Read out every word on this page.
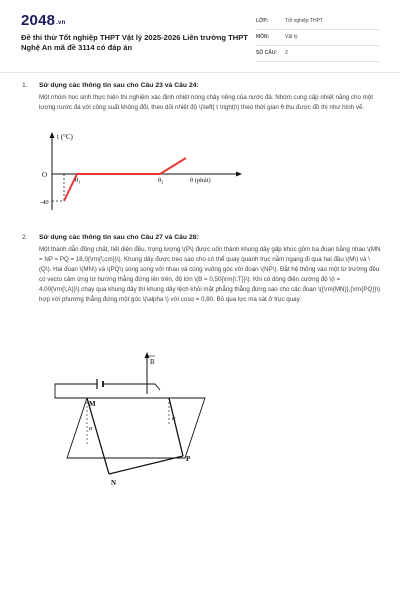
$2048_{.vn}$
Đề thi thử Tốt nghiệp THPT Vật lý 2025-2026 Liên trường THPT Nghệ An mã đề 3114 có đáp án
LỚP:	Tốt nghiệp THPT
MÔN:	Vật lý
SỐ CÂU: 2
1. Sử dụng các thông tin sau cho Câu 23 và Câu 24:
Một nhóm học sinh thực hiện thí nghiệm xác định nhiệt nóng chảy riêng của nước đá. Nhóm cung cấp nhiệt năng cho một lượng nước đá với công suất không đổi, theo dõi nhiệt độ \(\left( t \right)\) theo thời gian θ thu được đồ thị như hình vẽ.
t (°C)
O
-40
$\theta_1$	$\theta_2$	θ (phút)
2. Sử dụng các thông tin sau cho Câu 27 và Câu 28:
Một thanh dẫn đồng chất, tiết diện đều, trọng lượng \(P\) được uốn thành khung dây gấp khúc gồm ba đoạn bằng nhau \(MN = NP = PQ = 16,0{\rm{\;cm}}\). Khung dây được treo sao cho có thể quay quanh trục nằm ngang đi qua hai đầu \(M\) và \(Q\). Hai đoạn \(MN\) và \(PQ\) song song với nhau và cùng vuông góc với đoạn \(NP\). Đặt hệ thống vào một từ trường đều có vecto cảm ứng từ hướng thẳng đứng lên trên, độ lớn \(B = 0,50{\rm{\;T}}\). Khi có dòng điện cường độ \(I = 4,00{\rm{\;A}}\) chạy qua khung dây thì khung dây lệch khỏi mặt phẳng thẳng đứng sao cho các đoạn \({\rm{MN}},{\rm{PQ}}\) hợp với phương thẳng đứng một góc \(\alpha \) với cosα = 0,80. Bỏ qua lực ma sát ở trục quay.
B
M
N
P
α
α
